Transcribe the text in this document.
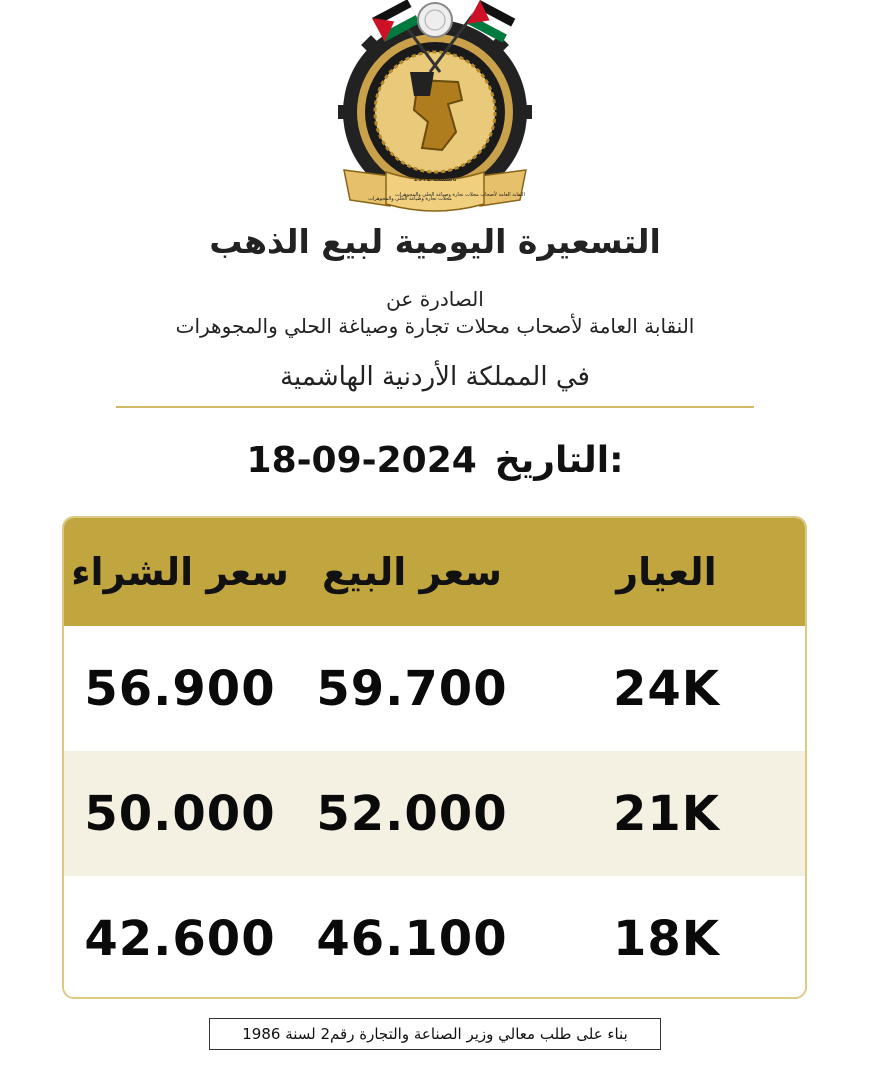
تأسست 1972
النقابة العامة لأصحاب محلات تجارة وصياغة الحلي والمجوهرات
محلات تجارة وصياغة الحلي والمجوهرات
التسعيرة اليومية لبيع الذهب
الصادرة عن
النقابة العامة لأصحاب محلات تجارة وصياغة الحلي والمجوهرات
في المملكة الأردنية الهاشمية
18-09-2024 التاريخ:
سعر الشراء سعر البيع	العيار
56.900 59.700	24K
50.000 52.000	21K
42.600 46.100	18K
بناء على طلب معالي وزير الصناعة والتجارة رقم2 لسنة 1986
